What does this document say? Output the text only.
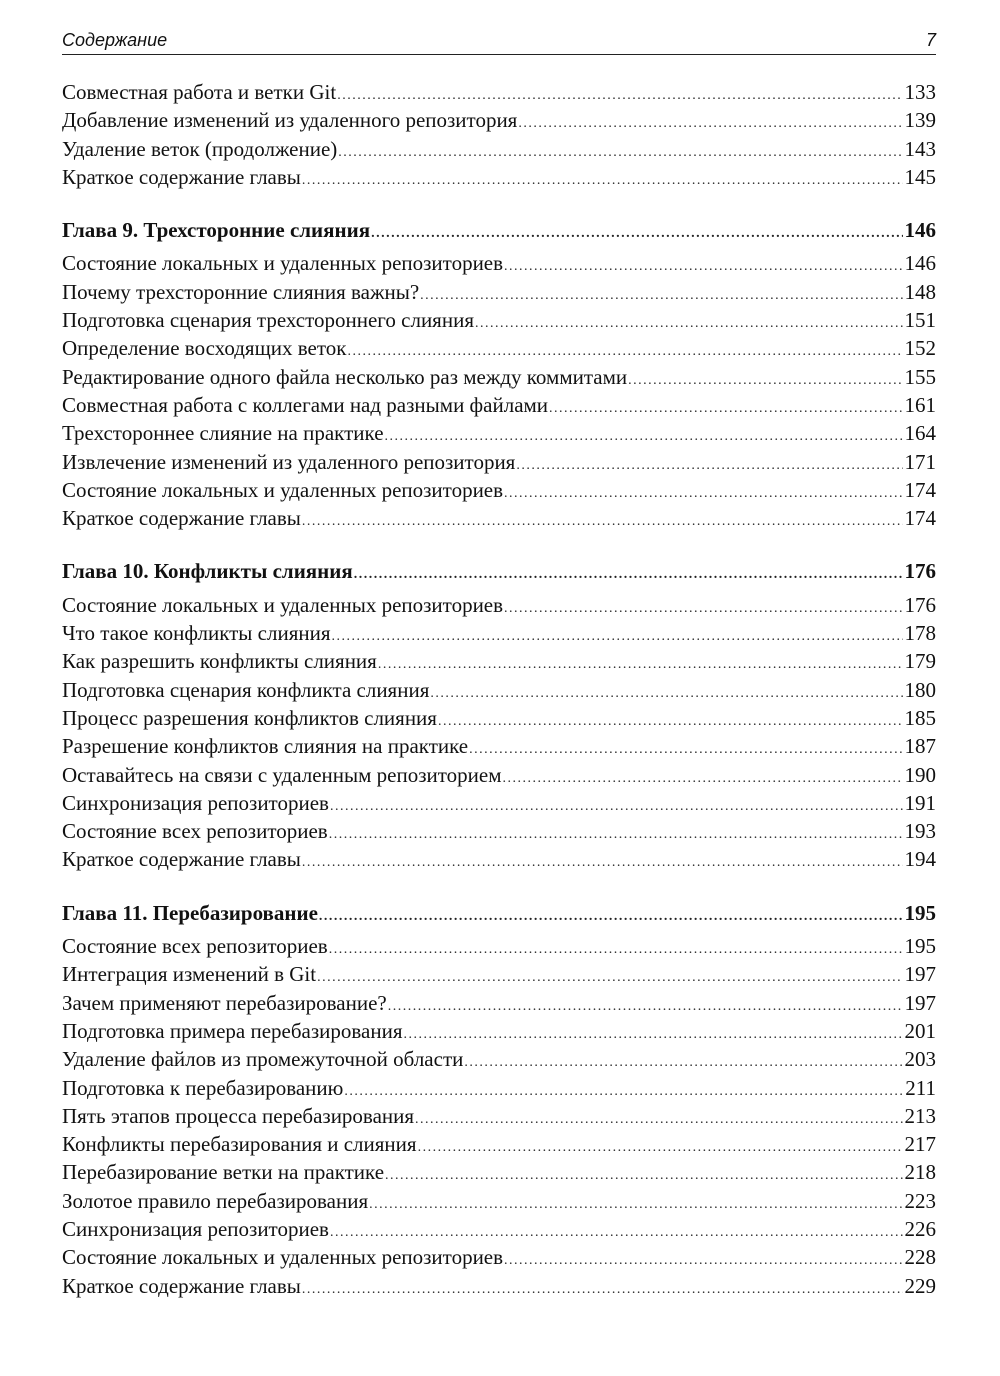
Содержание	7
Совместная работа и ветки Git .....	133
Добавление изменений из удаленного репозитория .....	139
Удаление веток (продолжение) .....	143
Краткое содержание главы .....	145
Глава 9. Трехсторонние слияния .....	146
Состояние локальных и удаленных репозиториев .....	146
Почему трехсторонние слияния важны? .....	148
Подготовка сценария трехстороннего слияния .....	151
Определение восходящих веток .....	152
Редактирование одного файла несколько раз между коммитами .....	155
Совместная работа с коллегами над разными файлами .....	161
Трехстороннее слияние на практике .....	164
Извлечение изменений из удаленного репозитория .....	171
Состояние локальных и удаленных репозиториев .....	174
Краткое содержание главы .....	174
Глава 10. Конфликты слияния .....	176
Состояние локальных и удаленных репозиториев .....	176
Что такое конфликты слияния .....	178
Как разрешить конфликты слияния .....	179
Подготовка сценария конфликта слияния .....	180
Процесс разрешения конфликтов слияния .....	185
Разрешение конфликтов слияния на практике .....	187
Оставайтесь на связи с удаленным репозиторием .....	190
Синхронизация репозиториев .....	191
Состояние всех репозиториев .....	193
Краткое содержание главы .....	194
Глава 11. Перебазирование .....	195
Состояние всех репозиториев .....	195
Интеграция изменений в Git .....	197
Зачем применяют перебазирование? .....	197
Подготовка примера перебазирования .....	201
Удаление файлов из промежуточной области .....	203
Подготовка к перебазированию .....	211
Пять этапов процесса перебазирования .....	213
Конфликты перебазирования и слияния .....	217
Перебазирование ветки на практике .....	218
Золотое правило перебазирования .....	223
Синхронизация репозиториев .....	226
Состояние локальных и удаленных репозиториев .....	228
Краткое содержание главы .....	229
